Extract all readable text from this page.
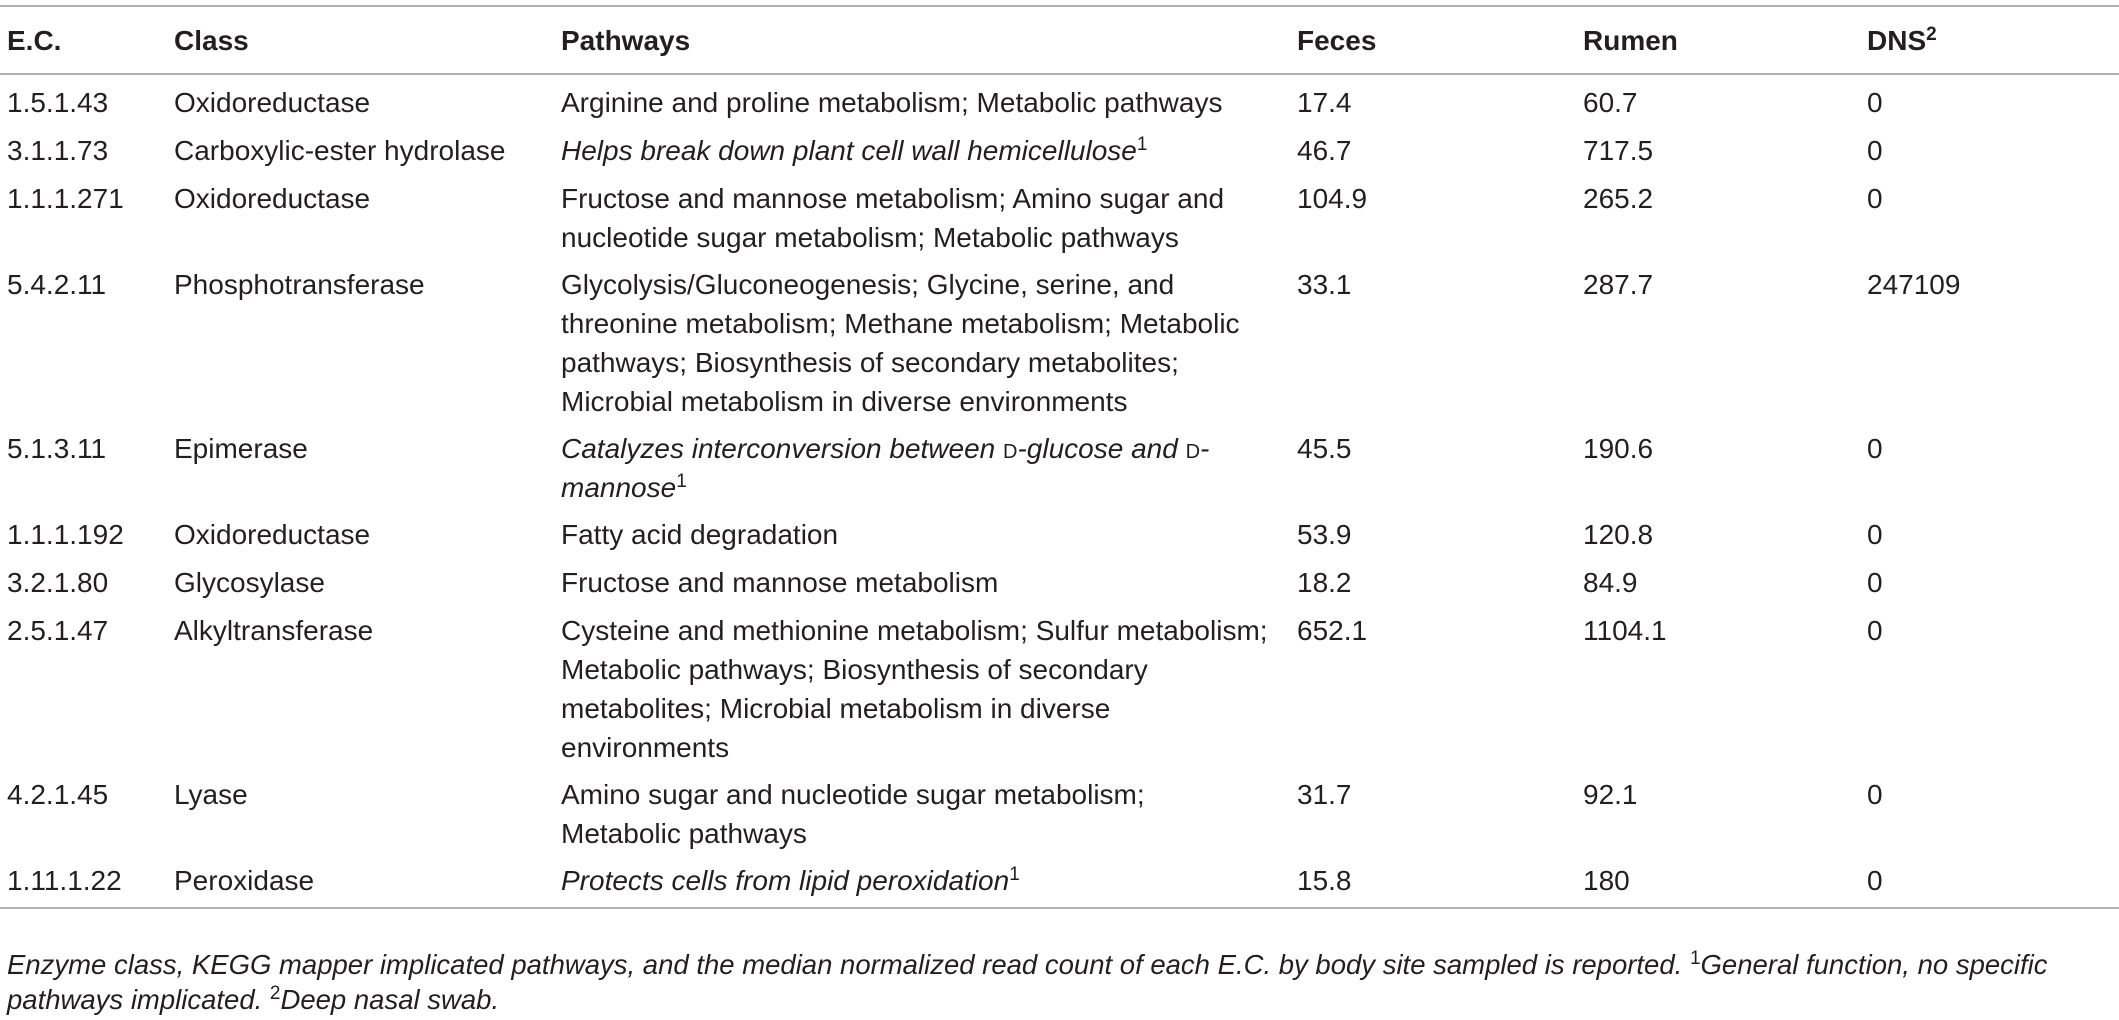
E.C.	Class	Pathways	Feces	Rumen	DNS$^2$
1.5.1.43	Oxidoreductase	Arginine and proline metabolism; Metabolic pathways	17.4	60.7	0
3.1.1.73	Carboxylic-ester hydrolase	Helps break down plant cell wall hemicellulose$^1$	46.7	717.5	0
1.1.1.271	Oxidoreductase	Fructose and mannose metabolism; Amino sugar and nucleotide sugar metabolism; Metabolic pathways	104.9	265.2	0
5.4.2.11	Phosphotransferase	Glycolysis/Gluconeogenesis; Glycine, serine, and threonine metabolism; Methane metabolism; Metabolic pathways; Biosynthesis of secondary metabolites; Microbial metabolism in diverse environments	33.1	287.7	247109
5.1.3.11	Epimerase	Catalyzes interconversion between d-glucose and d-mannose$^1$	45.5	190.6	0
1.1.1.192	Oxidoreductase	Fatty acid degradation	53.9	120.8	0
3.2.1.80	Glycosylase	Fructose and mannose metabolism	18.2	84.9	0
2.5.1.47	Alkyltransferase	Cysteine and methionine metabolism; Sulfur metabolism; Metabolic pathways; Biosynthesis of secondary metabolites; Microbial metabolism in diverse environments	652.1	1104.1	0
4.2.1.45	Lyase	Amino sugar and nucleotide sugar metabolism; Metabolic pathways	31.7	92.1	0
1.11.1.22	Peroxidase	Protects cells from lipid peroxidation$^1$	15.8	180	0
Enzyme class, KEGG mapper implicated pathways, and the median normalized read count of each E.C. by body site sampled is reported. $^1$General function, no specific pathways implicated. $^2$Deep nasal swab.
